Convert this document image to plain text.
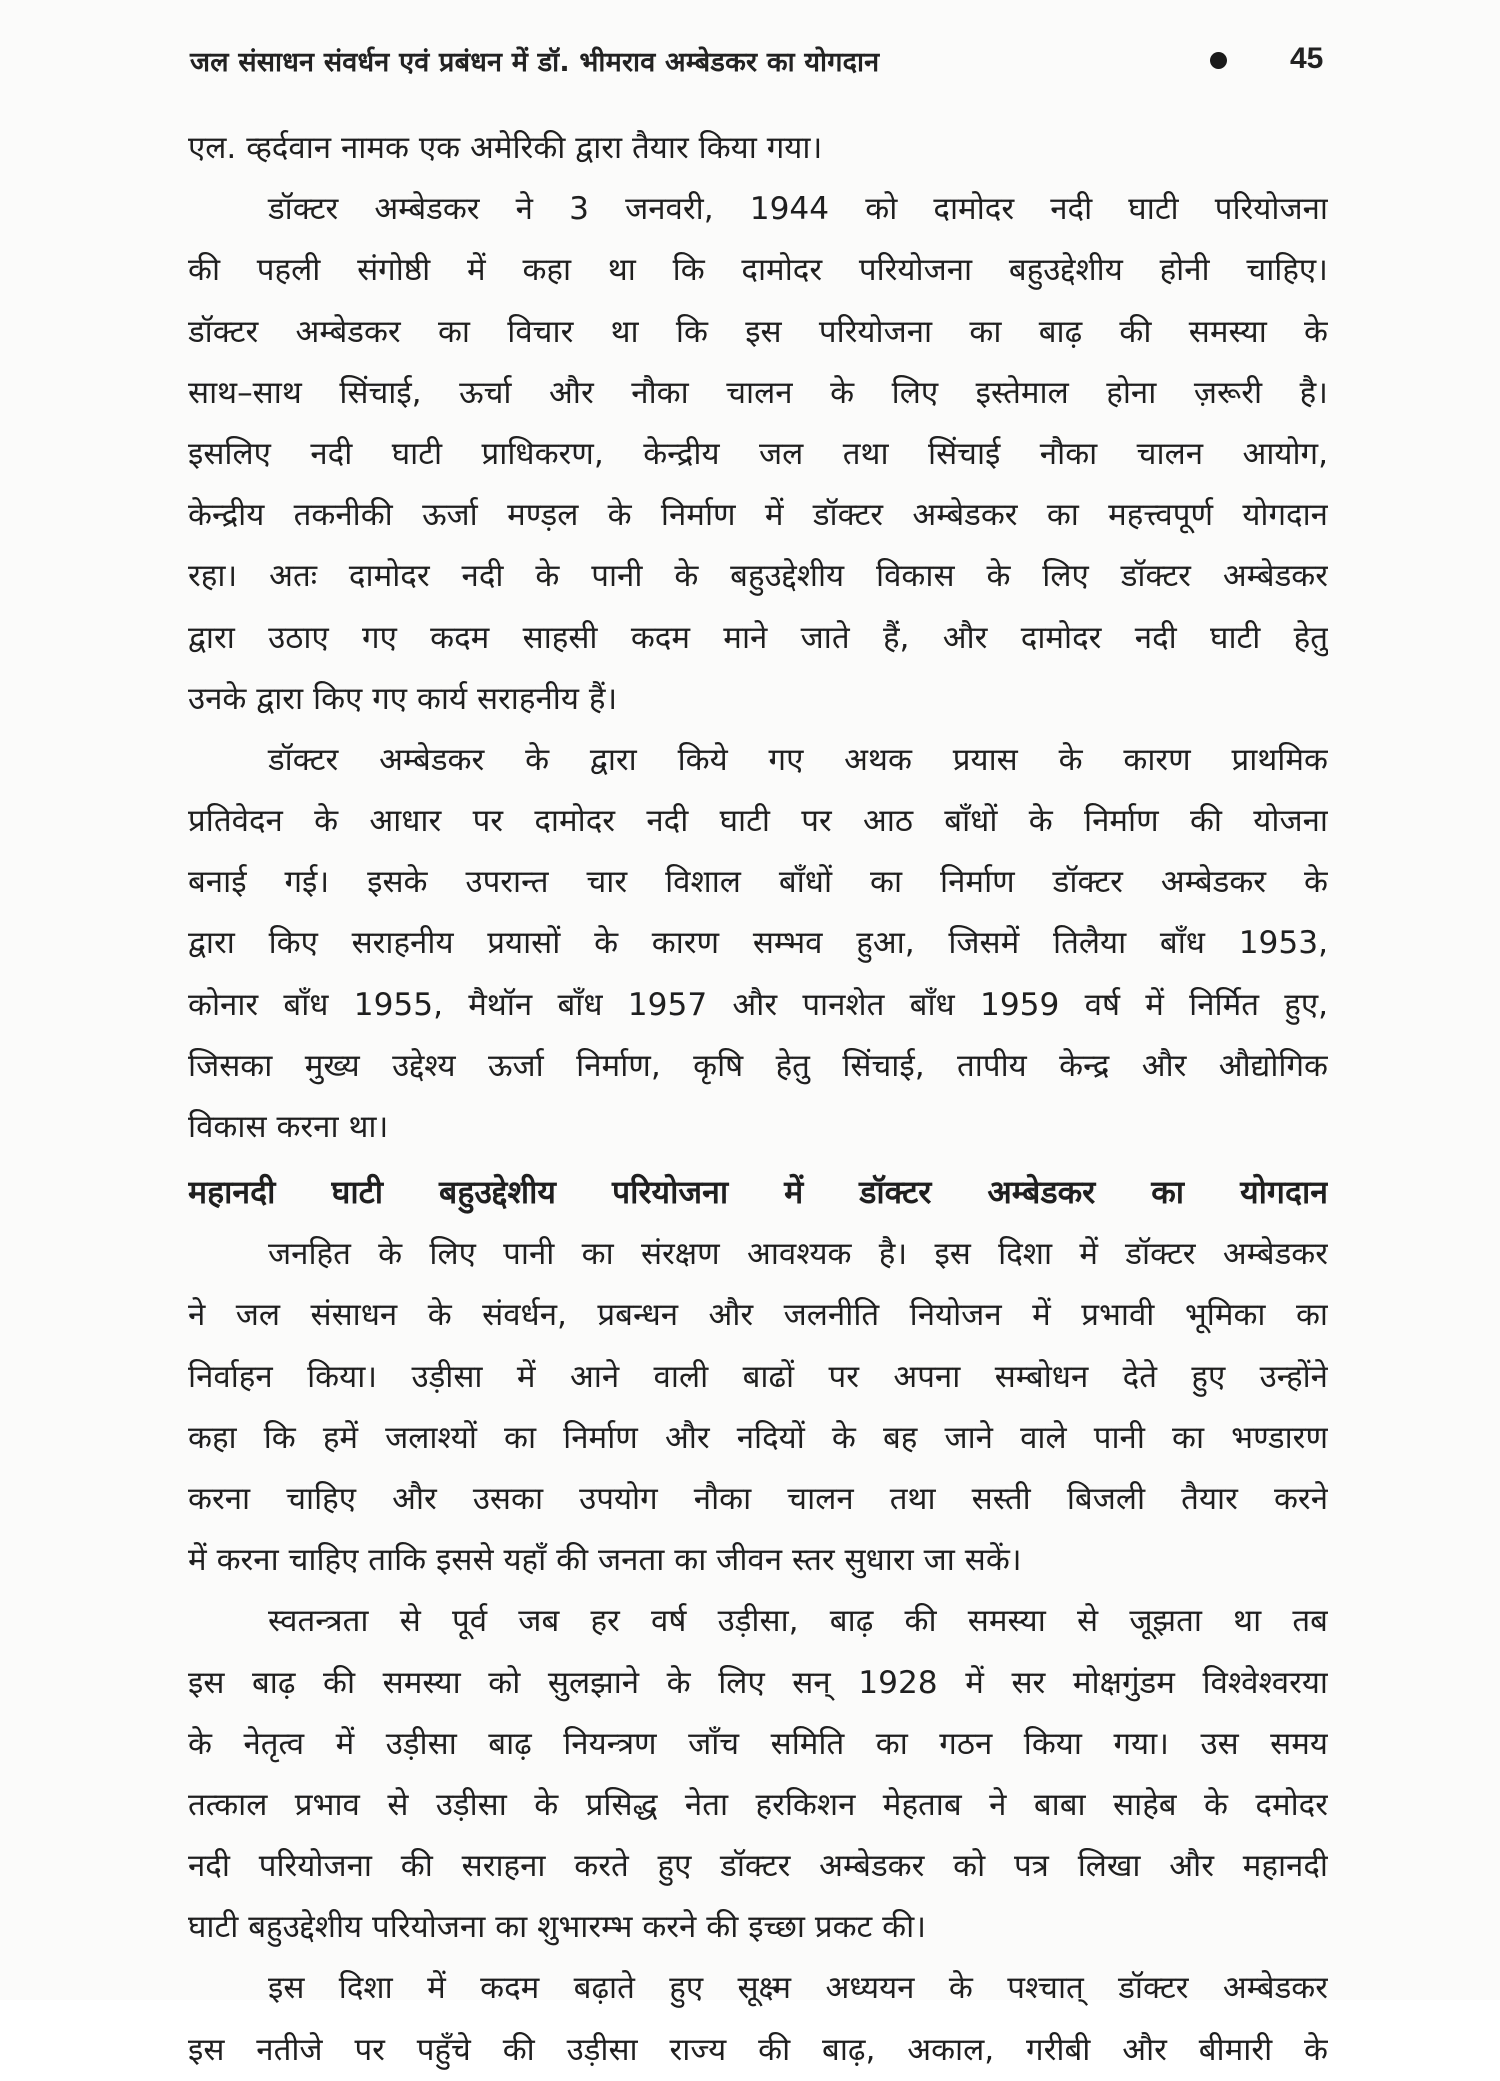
जल संसाधन संवर्धन एवं प्रबंधन में डॉ. भीमराव अम्बेडकर का योगदान	45
एल. व्हर्दवान नामक एक अमेरिकी द्वारा तैयार किया गया।
डॉक्टर अम्बेडकर ने 3 जनवरी, 1944 को दामोदर नदी घाटी परियोजना
की पहली संगोष्ठी में कहा था कि दामोदर परियोजना बहुउद्देशीय होनी चाहिए।
डॉक्टर अम्बेडकर का विचार था कि इस परियोजना का बाढ़ की समस्या के
साथ–साथ सिंचाई, ऊर्चा और नौका चालन के लिए इस्तेमाल होना ज़रूरी है।
इसलिए नदी घाटी प्राधिकरण, केन्द्रीय जल तथा सिंचाई नौका चालन आयोग,
केन्द्रीय तकनीकी ऊर्जा मण्ड़ल के निर्माण में डॉक्टर अम्बेडकर का महत्त्वपूर्ण योगदान
रहा। अतः दामोदर नदी के पानी के बहुउद्देशीय विकास के लिए डॉक्टर अम्बेडकर
द्वारा उठाए गए कदम साहसी कदम माने जाते हैं, और दामोदर नदी घाटी हेतु
उनके द्वारा किए गए कार्य सराहनीय हैं।
डॉक्टर अम्बेडकर के द्वारा किये गए अथक प्रयास के कारण प्राथमिक
प्रतिवेदन के आधार पर दामोदर नदी घाटी पर आठ बाँधों के निर्माण की योजना
बनाई गई। इसके उपरान्त चार विशाल बाँधों का निर्माण डॉक्टर अम्बेडकर के
द्वारा किए सराहनीय प्रयासों के कारण सम्भव हुआ, जिसमें तिलैया बाँध 1953,
कोनार बाँध 1955, मैथॉन बाँध 1957 और पानशेत बाँध 1959 वर्ष में निर्मित हुए,
जिसका मुख्य उद्देश्य ऊर्जा निर्माण, कृषि हेतु सिंचाई, तापीय केन्द्र और औद्योगिक
विकास करना था।
महानदी घाटी बहुउद्देशीय परियोजना में डॉक्टर अम्बेडकर का योगदान
जनहित के लिए पानी का संरक्षण आवश्यक है। इस दिशा में डॉक्टर अम्बेडकर
ने जल संसाधन के संवर्धन, प्रबन्धन और जलनीति नियोजन में प्रभावी भूमिका का
निर्वाहन किया। उड़ीसा में आने वाली बाढों पर अपना सम्बोधन देते हुए उन्होंने
कहा कि हमें जलाश्यों का निर्माण और नदियों के बह जाने वाले पानी का भण्डारण
करना चाहिए और उसका उपयोग नौका चालन तथा सस्ती बिजली तैयार करने
में करना चाहिए ताकि इससे यहाँ की जनता का जीवन स्तर सुधारा जा सकें।
स्वतन्त्रता से पूर्व जब हर वर्ष उड़ीसा, बाढ़ की समस्या से जूझता था तब
इस बाढ़ की समस्या को सुलझाने के लिए सन् 1928 में सर मोक्षगुंडम विश्वेश्वरया
के नेतृत्व में उड़ीसा बाढ़ नियन्त्रण जाँच समिति का गठन किया गया। उस समय
तत्काल प्रभाव से उड़ीसा के प्रसिद्ध नेता हरकिशन मेहताब ने बाबा साहेब के दमोदर
नदी परियोजना की सराहना करते हुए डॉक्टर अम्बेडकर को पत्र लिखा और महानदी
घाटी बहुउद्देशीय परियोजना का शुभारम्भ करने की इच्छा प्रकट की।
इस दिशा में कदम बढ़ाते हुए सूक्ष्म अध्ययन के पश्चात् डॉक्टर अम्बेडकर
इस नतीजे पर पहुँचे की उड़ीसा राज्य की बाढ़, अकाल, गरीबी और बीमारी के
